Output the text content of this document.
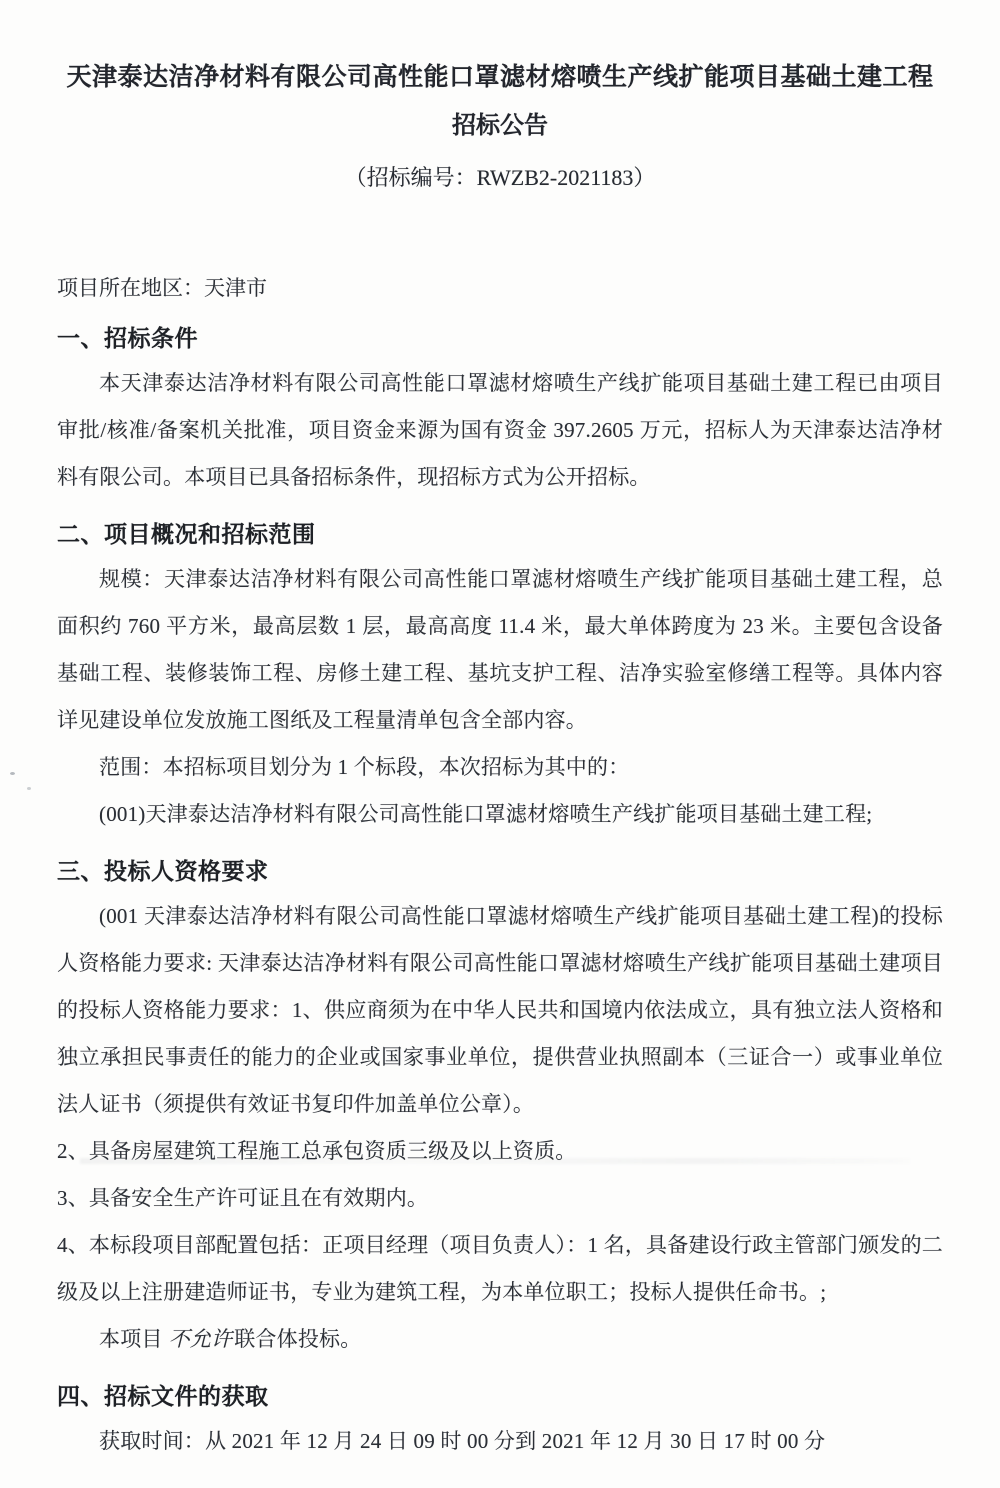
天津泰达洁净材料有限公司高性能口罩滤材熔喷生产线扩能项目基础土建工程
招标公告
（招标编号：RWZB2-2021183）
项目所在地区：天津市
一、招标条件

本天津泰达洁净材料有限公司高性能口罩滤材熔喷生产线扩能项目基础土建工程已由项目审批/核准/备案机关批准，项目资金来源为国有资金 397.2605 万元，招标人为天津泰达洁净材料有限公司。本项目已具备招标条件，现招标方式为公开招标。

二、项目概况和招标范围

规模：天津泰达洁净材料有限公司高性能口罩滤材熔喷生产线扩能项目基础土建工程，总面积约 760 平方米，最高层数 1 层，最高高度 11.4 米，最大单体跨度为 23 米。主要包含设备基础工程、装修装饰工程、房修土建工程、基坑支护工程、洁净实验室修缮工程等。具体内容详见建设单位发放施工图纸及工程量清单包含全部内容。

范围：本招标项目划分为 1 个标段，本次招标为其中的：

(001)天津泰达洁净材料有限公司高性能口罩滤材熔喷生产线扩能项目基础土建工程;

三、投标人资格要求

(001 天津泰达洁净材料有限公司高性能口罩滤材熔喷生产线扩能项目基础土建工程)的投标人资格能力要求: 天津泰达洁净材料有限公司高性能口罩滤材熔喷生产线扩能项目基础土建项目的投标人资格能力要求：1、供应商须为在中华人民共和国境内依法成立，具有独立法人资格和独立承担民事责任的能力的企业或国家事业单位，提供营业执照副本（三证合一）或事业单位法人证书（须提供有效证书复印件加盖单位公章）。

2、具备房屋建筑工程施工总承包资质三级及以上资质。

3、具备安全生产许可证且在有效期内。

4、本标段项目部配置包括：正项目经理（项目负责人）：1 名，具备建设行政主管部门颁发的二级及以上注册建造师证书，专业为建筑工程，为本单位职工；投标人提供任命书。;

本项目 不允许联合体投标。

四、招标文件的获取

获取时间：从 2021 年 12 月 24 日 09 时 00 分到 2021 年 12 月 30 日 17 时 00 分
